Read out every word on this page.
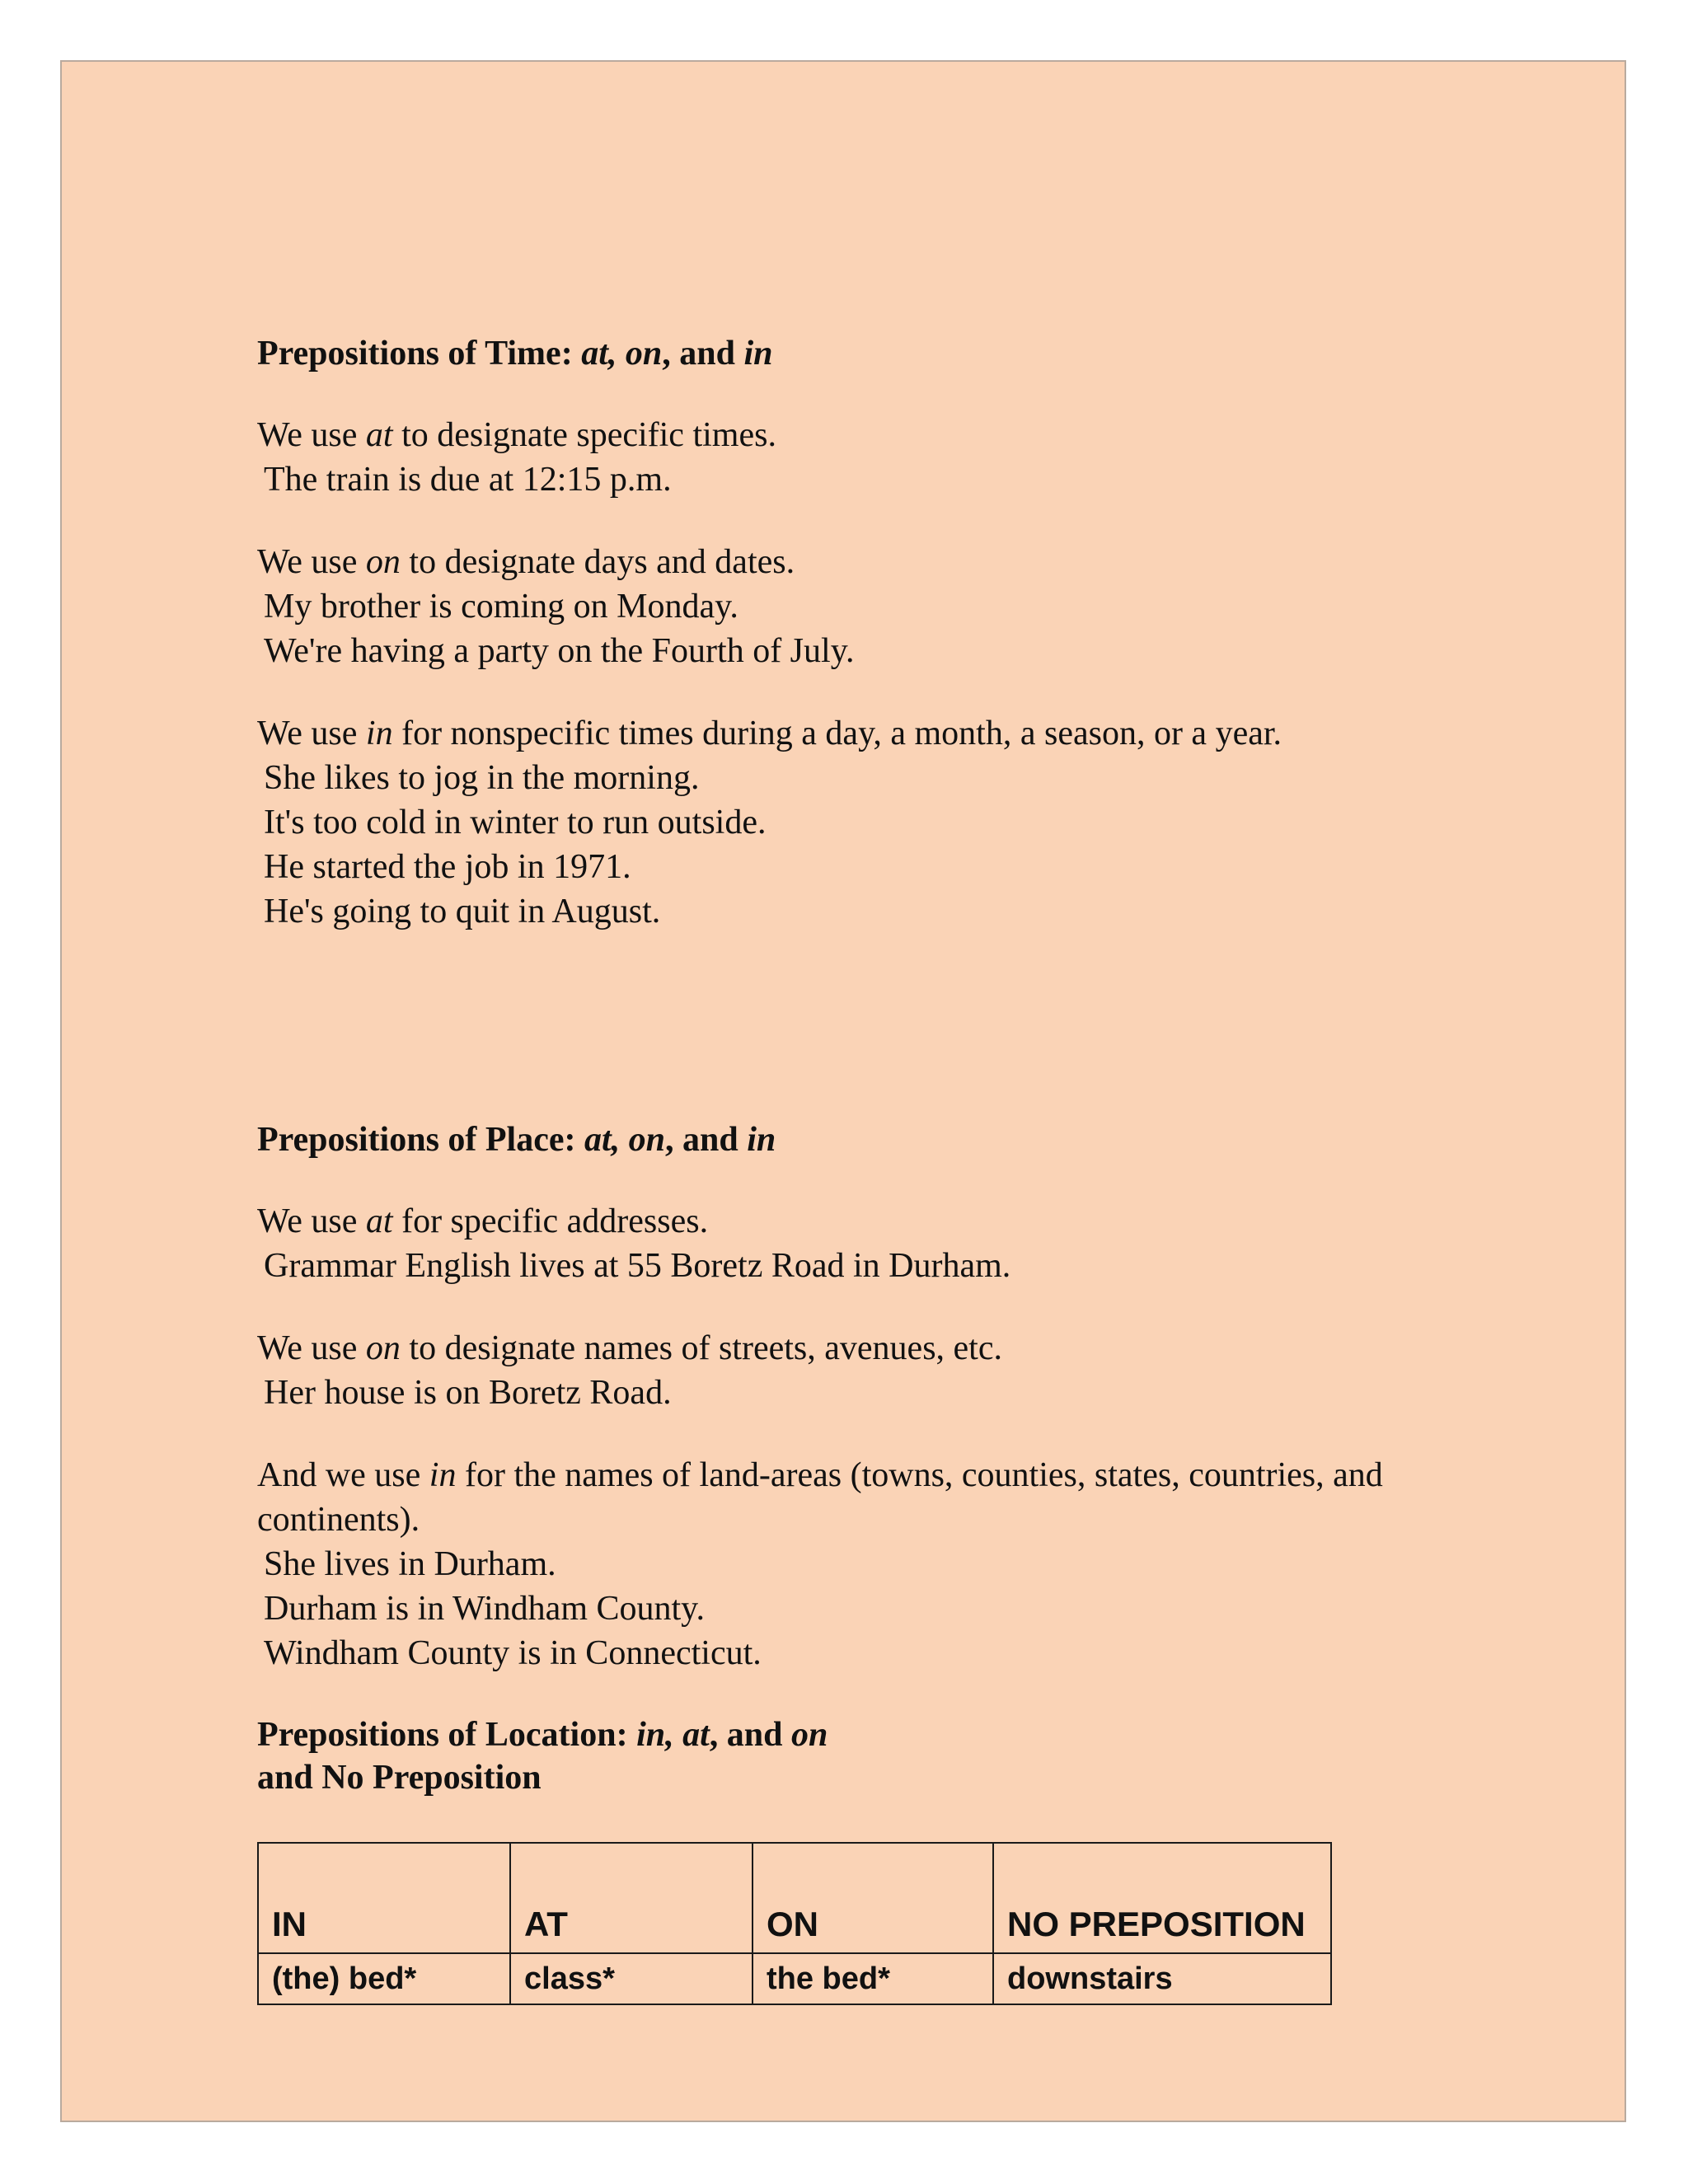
Prepositions of Time: at, on, and in

We use at to designate specific times.

The train is due at 12:15 p.m.

We use on to designate days and dates.

My brother is coming on Monday.

We're having a party on the Fourth of July.

We use in for nonspecific times during a day, a month, a season, or a year.

She likes to jog in the morning.

It's too cold in winter to run outside.

He started the job in 1971.

He's going to quit in August.

Prepositions of Place: at, on, and in

We use at for specific addresses.

Grammar English lives at 55 Boretz Road in Durham.

We use on to designate names of streets, avenues, etc.

Her house is on Boretz Road.

And we use in for the names of land-areas (towns, counties, states, countries, and continents).

She lives in Durham.

Durham is in Windham County.

Windham County is in Connecticut.

Prepositions of Location: in, at, and on

and No Preposition

IN	AT	ON	NO PREPOSITION
(the) bed*	class*	the bed*	downstairs
